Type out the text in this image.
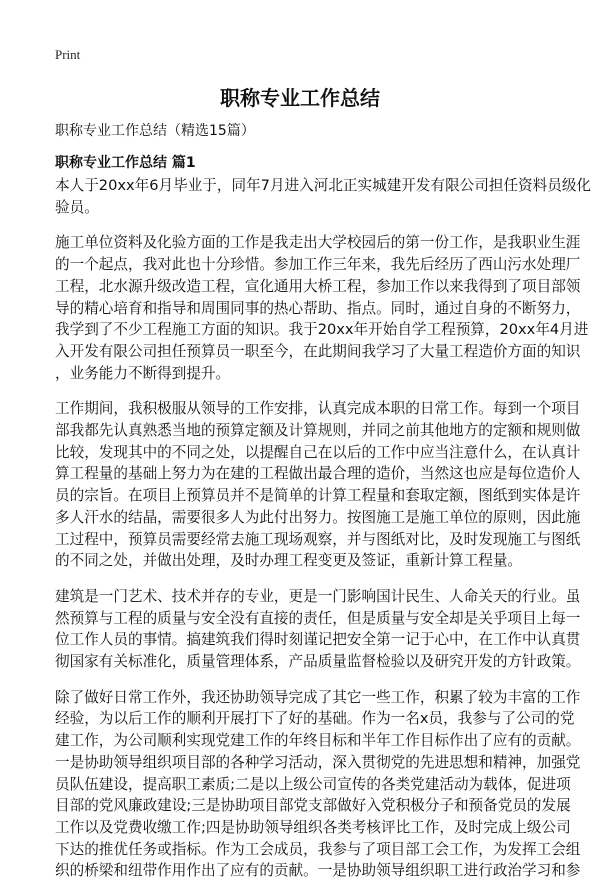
Print
职称专业工作总结
职称专业工作总结（精选15篇）
职称专业工作总结 篇1
本人于20xx年6月毕业于，同年7月进入河北正实城建开发有限公司担任资料员级化
验员。
施工单位资料及化验方面的工作是我走出大学校园后的第一份工作，是我职业生涯
的一个起点，我对此也十分珍惜。参加工作三年来，我先后经历了西山污水处理厂
工程，北水源升级改造工程，宣化通用大桥工程，参加工作以来我得到了项目部领
导的精心培育和指导和周围同事的热心帮助、指点。同时，通过自身的不断努力，
我学到了不少工程施工方面的知识。我于20xx年开始自学工程预算，20xx年4月进
入开发有限公司担任预算员一职至今，在此期间我学习了大量工程造价方面的知识
，业务能力不断得到提升。
工作期间，我积极服从领导的工作安排，认真完成本职的日常工作。每到一个项目
部我都先认真熟悉当地的预算定额及计算规则，并同之前其他地方的定额和规则做
比较，发现其中的不同之处，以提醒自己在以后的工作中应当注意什么，在认真计
算工程量的基础上努力为在建的工程做出最合理的造价，当然这也应是每位造价人
员的宗旨。在项目上预算员并不是简单的计算工程量和套取定额，图纸到实体是许
多人汗水的结晶，需要很多人为此付出努力。按图施工是施工单位的原则，因此施
工过程中，预算员需要经常去施工现场观察，并与图纸对比，及时发现施工与图纸
的不同之处，并做出处理，及时办理工程变更及签证，重新计算工程量。
建筑是一门艺术、技术并存的专业，更是一门影响国计民生、人命关天的行业。虽
然预算与工程的质量与安全没有直接的责任，但是质量与安全却是关乎项目上每一
位工作人员的事情。搞建筑我们得时刻谨记把安全第一记于心中，在工作中认真贯
彻国家有关标准化，质量管理体系，产品质量监督检验以及研究开发的方针政策。
除了做好日常工作外，我还协助领导完成了其它一些工作，积累了较为丰富的工作
经验，为以后工作的顺利开展打下了好的基础。作为一名x员，我参与了公司的党
建工作，为公司顺利实现党建工作的年终目标和半年工作目标作出了应有的贡献。
一是协助领导组织项目部的各种学习活动，深入贯彻党的先进思想和精神，加强党
员队伍建设，提高职工素质;二是以上级公司宣传的各类党建活动为载体，促进项
目部的党风廉政建设;三是协助项目部党支部做好入党积极分子和预备党员的发展
工作以及党费收缴工作;四是协助领导组织各类考核评比工作，及时完成上级公司
下达的推优任务或指标。作为工会成员，我参与了项目部工会工作，为发挥工会组
织的桥梁和纽带作用作出了应有的贡献。一是协助领导组织职工进行政治学习和参
